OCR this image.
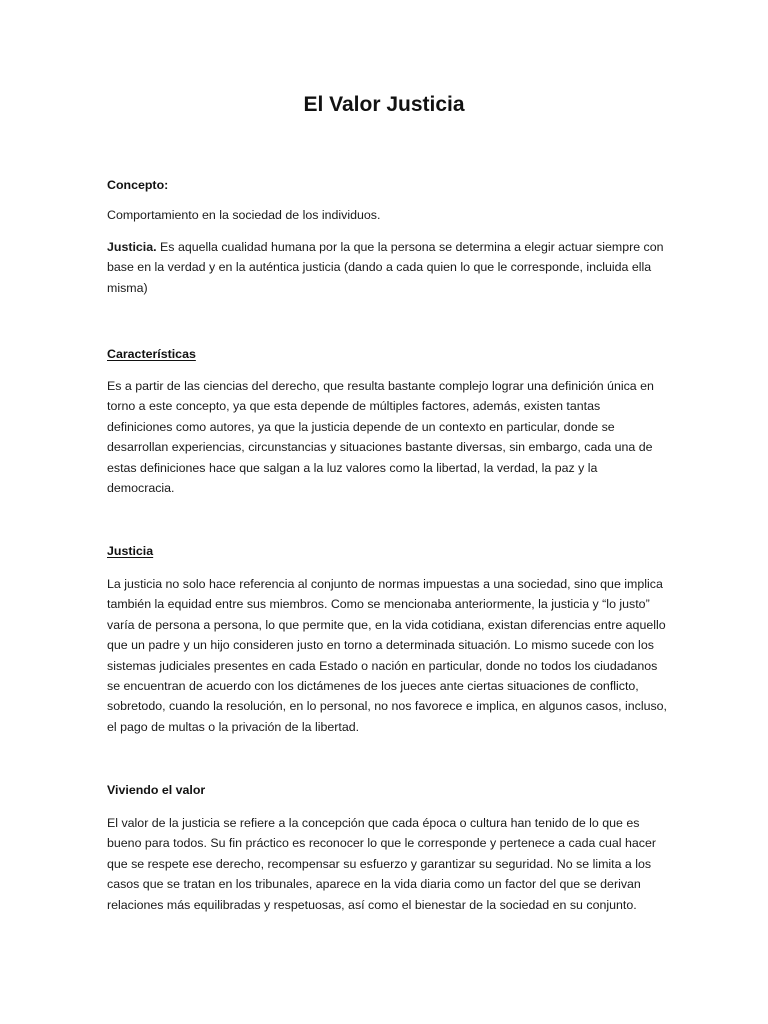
El Valor Justicia

Concepto:

Comportamiento en la sociedad de los individuos.

Justicia. Es aquella cualidad humana por la que la persona se determina a elegir actuar siempre con base en la verdad y en la auténtica justicia (dando a cada quien lo que le corresponde, incluida ella misma)

Características

Es a partir de las ciencias del derecho, que resulta bastante complejo lograr una definición única en torno a este concepto, ya que esta depende de múltiples factores, además, existen tantas definiciones como autores, ya que la justicia depende de un contexto en particular, donde se desarrollan experiencias, circunstancias y situaciones bastante diversas, sin embargo, cada una de estas definiciones hace que salgan a la luz valores como la libertad, la verdad, la paz y la democracia.

Justicia

La justicia no solo hace referencia al conjunto de normas impuestas a una sociedad, sino que implica también la equidad entre sus miembros. Como se mencionaba anteriormente, la justicia y “lo justo” varía de persona a persona, lo que permite que, en la vida cotidiana, existan diferencias entre aquello que un padre y un hijo consideren justo en torno a determinada situación. Lo mismo sucede con los sistemas judiciales presentes en cada Estado o nación en particular, donde no todos los ciudadanos se encuentran de acuerdo con los dictámenes de los jueces ante ciertas situaciones de conflicto, sobretodo, cuando la resolución, en lo personal, no nos favorece e implica, en algunos casos, incluso, el pago de multas o la privación de la libertad.

Viviendo el valor

El valor de la justicia se refiere a la concepción que cada época o cultura han tenido de lo que es bueno para todos. Su fin práctico es reconocer lo que le corresponde y pertenece a cada cual hacer que se respete ese derecho, recompensar su esfuerzo y garantizar su seguridad. No se limita a los casos que se tratan en los tribunales, aparece en la vida diaria como un factor del que se derivan relaciones más equilibradas y respetuosas, así como el bienestar de la sociedad en su conjunto.
